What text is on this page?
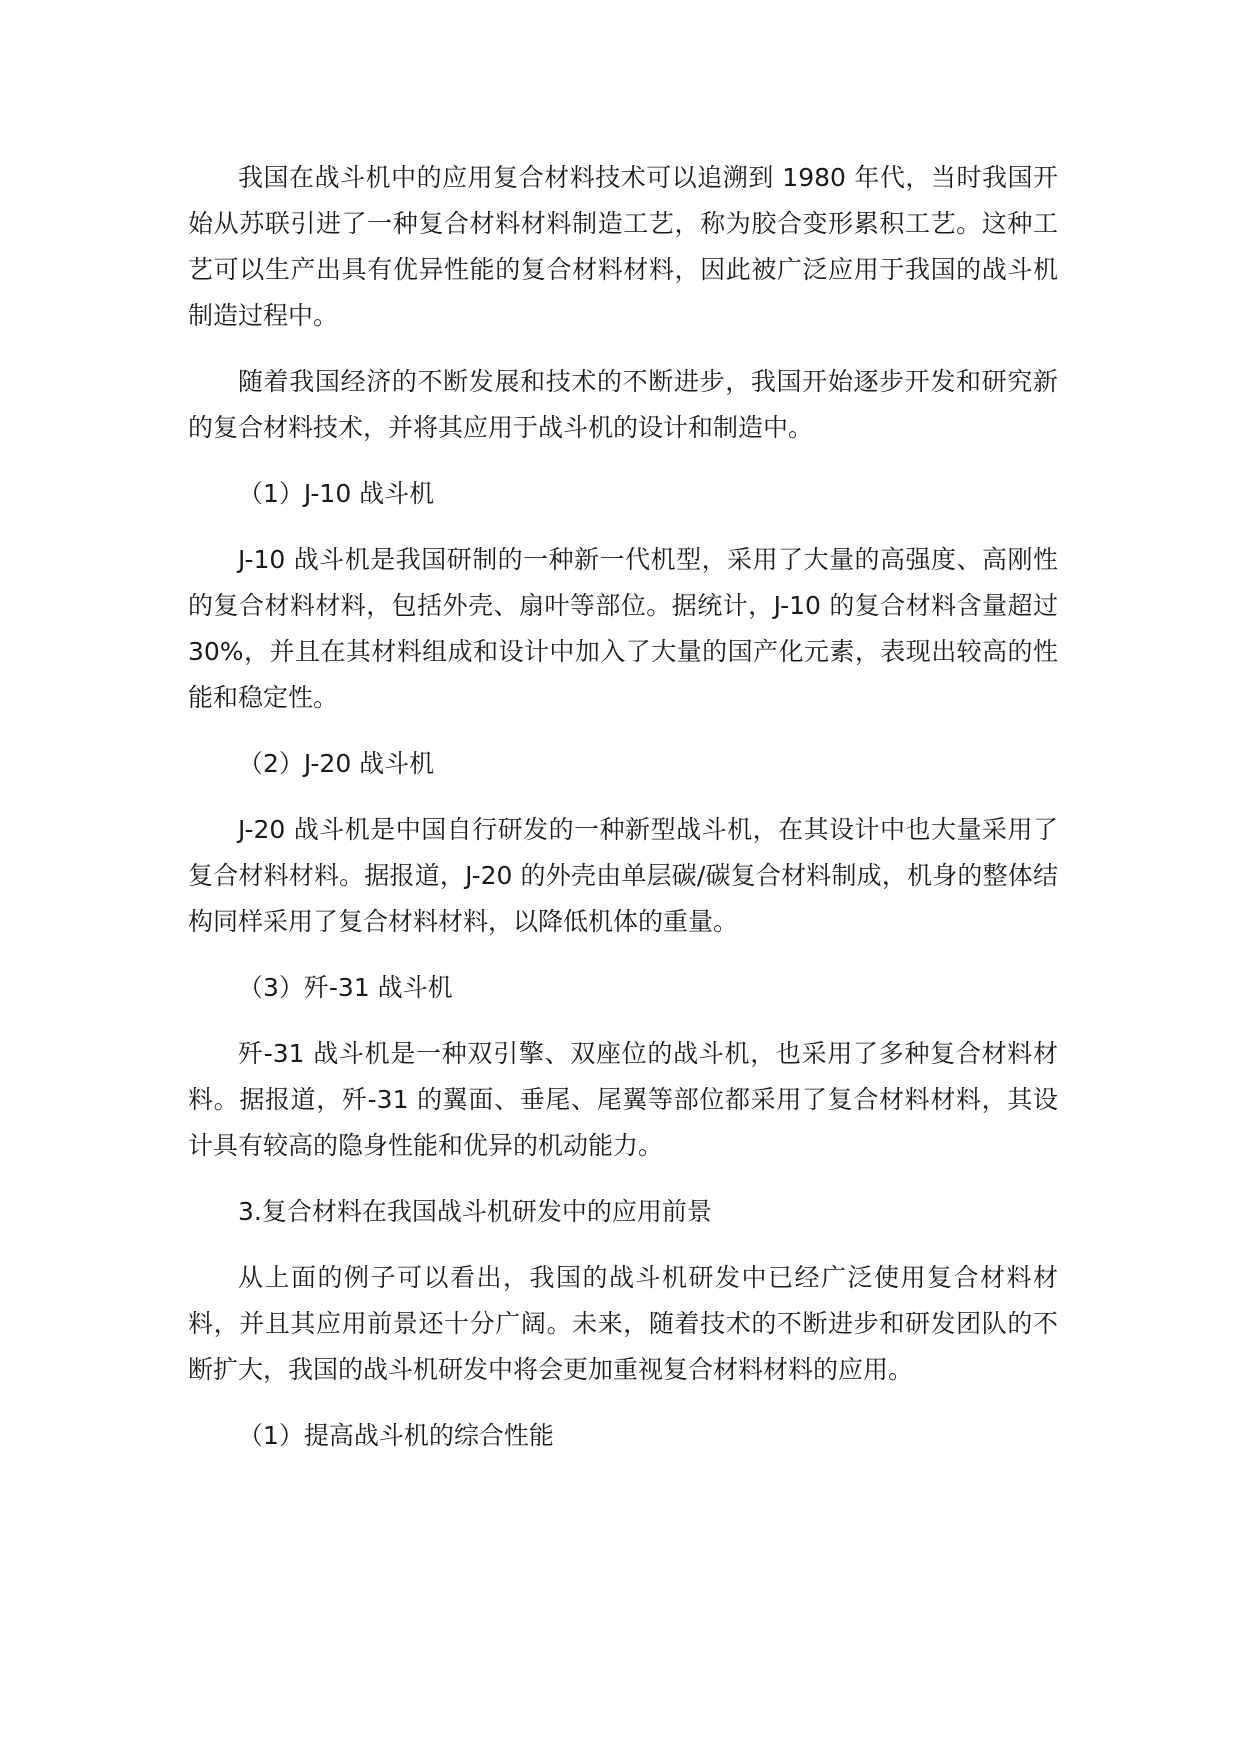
我国在战斗机中的应用复合材料技术可以追溯到 1980 年代，当时我国开始从苏联引进了一种复合材料材料制造工艺，称为胶合变形累积工艺。这种工艺可以生产出具有优异性能的复合材料材料，因此被广泛应用于我国的战斗机制造过程中。

随着我国经济的不断发展和技术的不断进步，我国开始逐步开发和研究新的复合材料技术，并将其应用于战斗机的设计和制造中。

（1）J-10 战斗机

J-10 战斗机是我国研制的一种新一代机型，采用了大量的高强度、高刚性的复合材料材料，包括外壳、扇叶等部位。据统计，J-10 的复合材料含量超过 30%，并且在其材料组成和设计中加入了大量的国产化元素，表现出较高的性能和稳定性。

（2）J-20 战斗机

J-20 战斗机是中国自行研发的一种新型战斗机，在其设计中也大量采用了复合材料材料。据报道，J-20 的外壳由单层碳/碳复合材料制成，机身的整体结构同样采用了复合材料材料，以降低机体的重量。

（3）歼-31 战斗机

歼-31 战斗机是一种双引擎、双座位的战斗机，也采用了多种复合材料材料。据报道，歼-31 的翼面、垂尾、尾翼等部位都采用了复合材料材料，其设计具有较高的隐身性能和优异的机动能力。

3.复合材料在我国战斗机研发中的应用前景

从上面的例子可以看出，我国的战斗机研发中已经广泛使用复合材料材料，并且其应用前景还十分广阔。未来，随着技术的不断进步和研发团队的不断扩大，我国的战斗机研发中将会更加重视复合材料材料的应用。

（1）提高战斗机的综合性能
